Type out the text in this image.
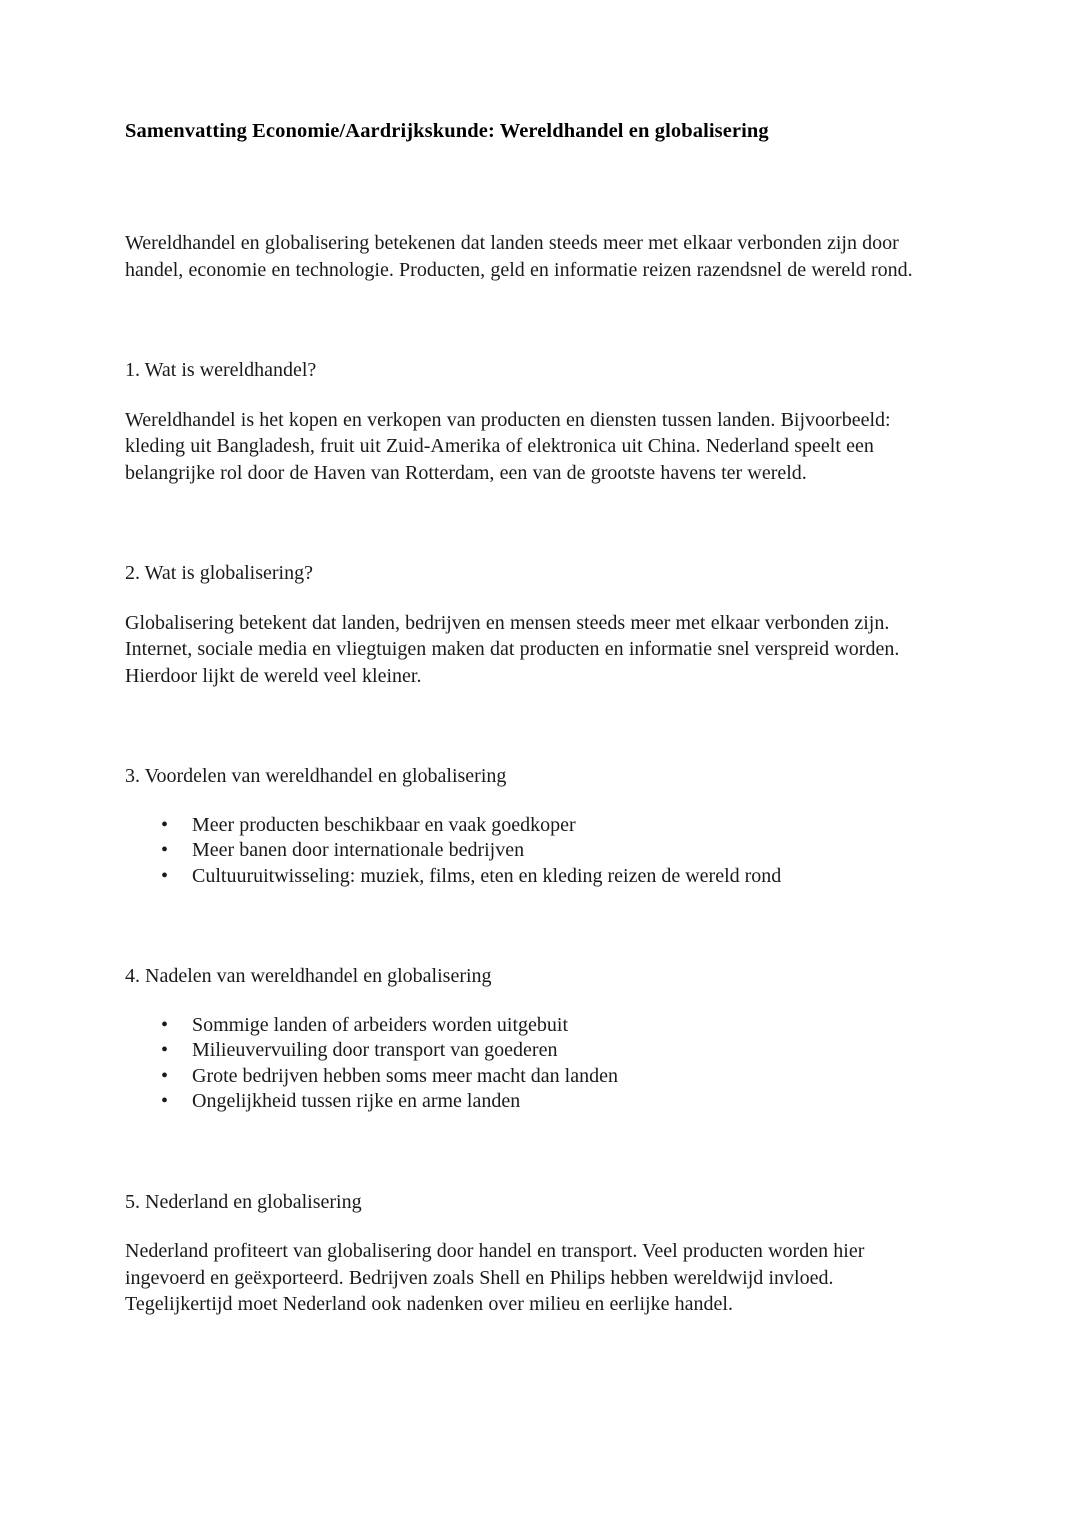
Samenvatting Economie/Aardrijkskunde: Wereldhandel en globalisering

Wereldhandel en globalisering betekenen dat landen steeds meer met elkaar verbonden zijn door handel, economie en technologie. Producten, geld en informatie reizen razendsnel de wereld rond.

1. Wat is wereldhandel?

Wereldhandel is het kopen en verkopen van producten en diensten tussen landen. Bijvoorbeeld: kleding uit Bangladesh, fruit uit Zuid-Amerika of elektronica uit China. Nederland speelt een belangrijke rol door de Haven van Rotterdam, een van de grootste havens ter wereld.

2. Wat is globalisering?

Globalisering betekent dat landen, bedrijven en mensen steeds meer met elkaar verbonden zijn. Internet, sociale media en vliegtuigen maken dat producten en informatie snel verspreid worden. Hierdoor lijkt de wereld veel kleiner.

3. Voordelen van wereldhandel en globalisering

• Meer producten beschikbaar en vaak goedkoper
• Meer banen door internationale bedrijven
• Cultuuruitwisseling: muziek, films, eten en kleding reizen de wereld rond

4. Nadelen van wereldhandel en globalisering

• Sommige landen of arbeiders worden uitgebuit
• Milieuvervuiling door transport van goederen
• Grote bedrijven hebben soms meer macht dan landen
• Ongelijkheid tussen rijke en arme landen

5. Nederland en globalisering

Nederland profiteert van globalisering door handel en transport. Veel producten worden hier ingevoerd en geëxporteerd. Bedrijven zoals Shell en Philips hebben wereldwijd invloed. Tegelijkertijd moet Nederland ook nadenken over milieu en eerlijke handel.
